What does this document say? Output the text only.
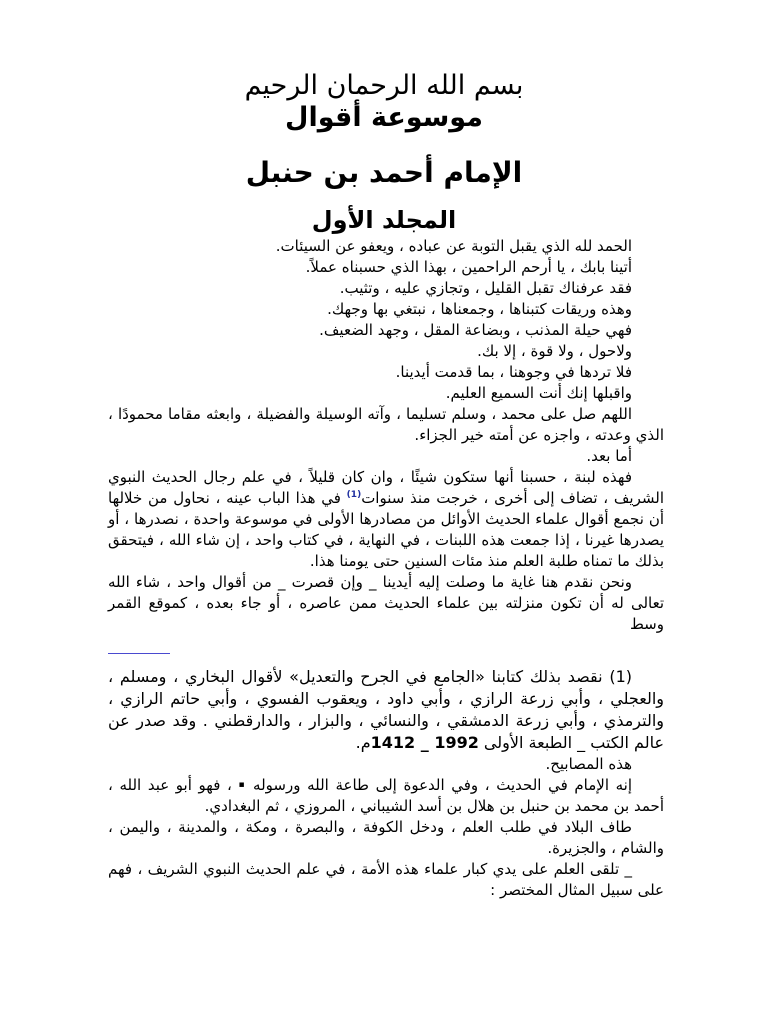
بسم الله الرحمان الرحيم
موسوعة أقوال
الإمام أحمد بن حنبل
المجلد الأول

الحمد لله الذي يقبل التوبة عن عباده ، ويعفو عن السيئات.

أتينا بابك ، يا أرحم الراحمين ، بهذا الذي حسبناه عملاً.

فقد عرفناك تقبل القليل ، وتجازي عليه ، وتثيب.

وهذه وريقات كتبناها ، وجمعناها ، نبتغي بها وجهك.

فهي حيلة المذنب ، وبضاعة المقل ، وجهد الضعيف.

ولاحول ، ولا قوة ، إلا بك.

فلا تردها في وجوهنا ، بما قدمت أيدينا.

واقبلها إنك أنت السميع العليم.

اللهم صل على محمد ، وسلم تسليما ، وآته الوسيلة والفضيلة ، وابعثه مقاما محمودًا ، الذي وعدته ، واجزه عن أمته خير الجزاء.

أما بعد.

فهذه لبنة ، حسبنا أنها ستكون شيئًا ، وان كان قليلاً ، في علم رجال الحديث النبوي الشريف ، تضاف إلى أخرى ، خرجت منذ سنوات$^{(1)}$ في هذا الباب عينه ، نحاول من خلالها أن نجمع أقوال علماء الحديث الأوائل من مصادرها الأولى في موسوعة واحدة ، نصدرها ، أو يصدرها غيرنا ، إذا جمعت هذه اللبنات ، في النهاية ، في كتاب واحد ، إن شاء الله ، فيتحقق بذلك ما تمناه طلبة العلم منذ مئات السنين حتى يومنا هذا.

ونحن نقدم هنا غاية ما وصلت إليه أيدينا _ وإن قصرت _ من أقوال واحد ، شاء الله تعالى له أن تكون منزلته بين علماء الحديث ممن عاصره ، أو جاء بعده ، كموقع القمر وسط

(1) نقصد بذلك كتابنا «الجامع في الجرح والتعديل» لأقوال البخاري ، ومسلم ، والعجلي ، وأبي زرعة الرازي ، وأبي داود ، ويعقوب الفسوي ، وأبي حاتم الرازي ، والترمذي ، وأبي زرعة الدمشقي ، والنسائي ، والبزار ، والدارقطني . وقد صدر عن عالم الكتب _ الطبعة الأولى 1412 _ 1992م.

هذه المصابيح.

إنه الإمام في الحديث ، وفي الدعوة إلى طاعة الله ورسوله ▪ ، فهو أبو عبد الله ، أحمد بن محمد بن حنبل بن هلال بن أسد الشيباني ، المروزي ، ثم البغدادي.

طاف البلاد في طلب العلم ، ودخل الكوفة ، والبصرة ، ومكة ، والمدينة ، واليمن ، والشام ، والجزيرة.

_ تلقى العلم على يدي كبار علماء هذه الأمة ، في علم الحديث النبوي الشريف ، فهم على سبيل المثال المختصر :
